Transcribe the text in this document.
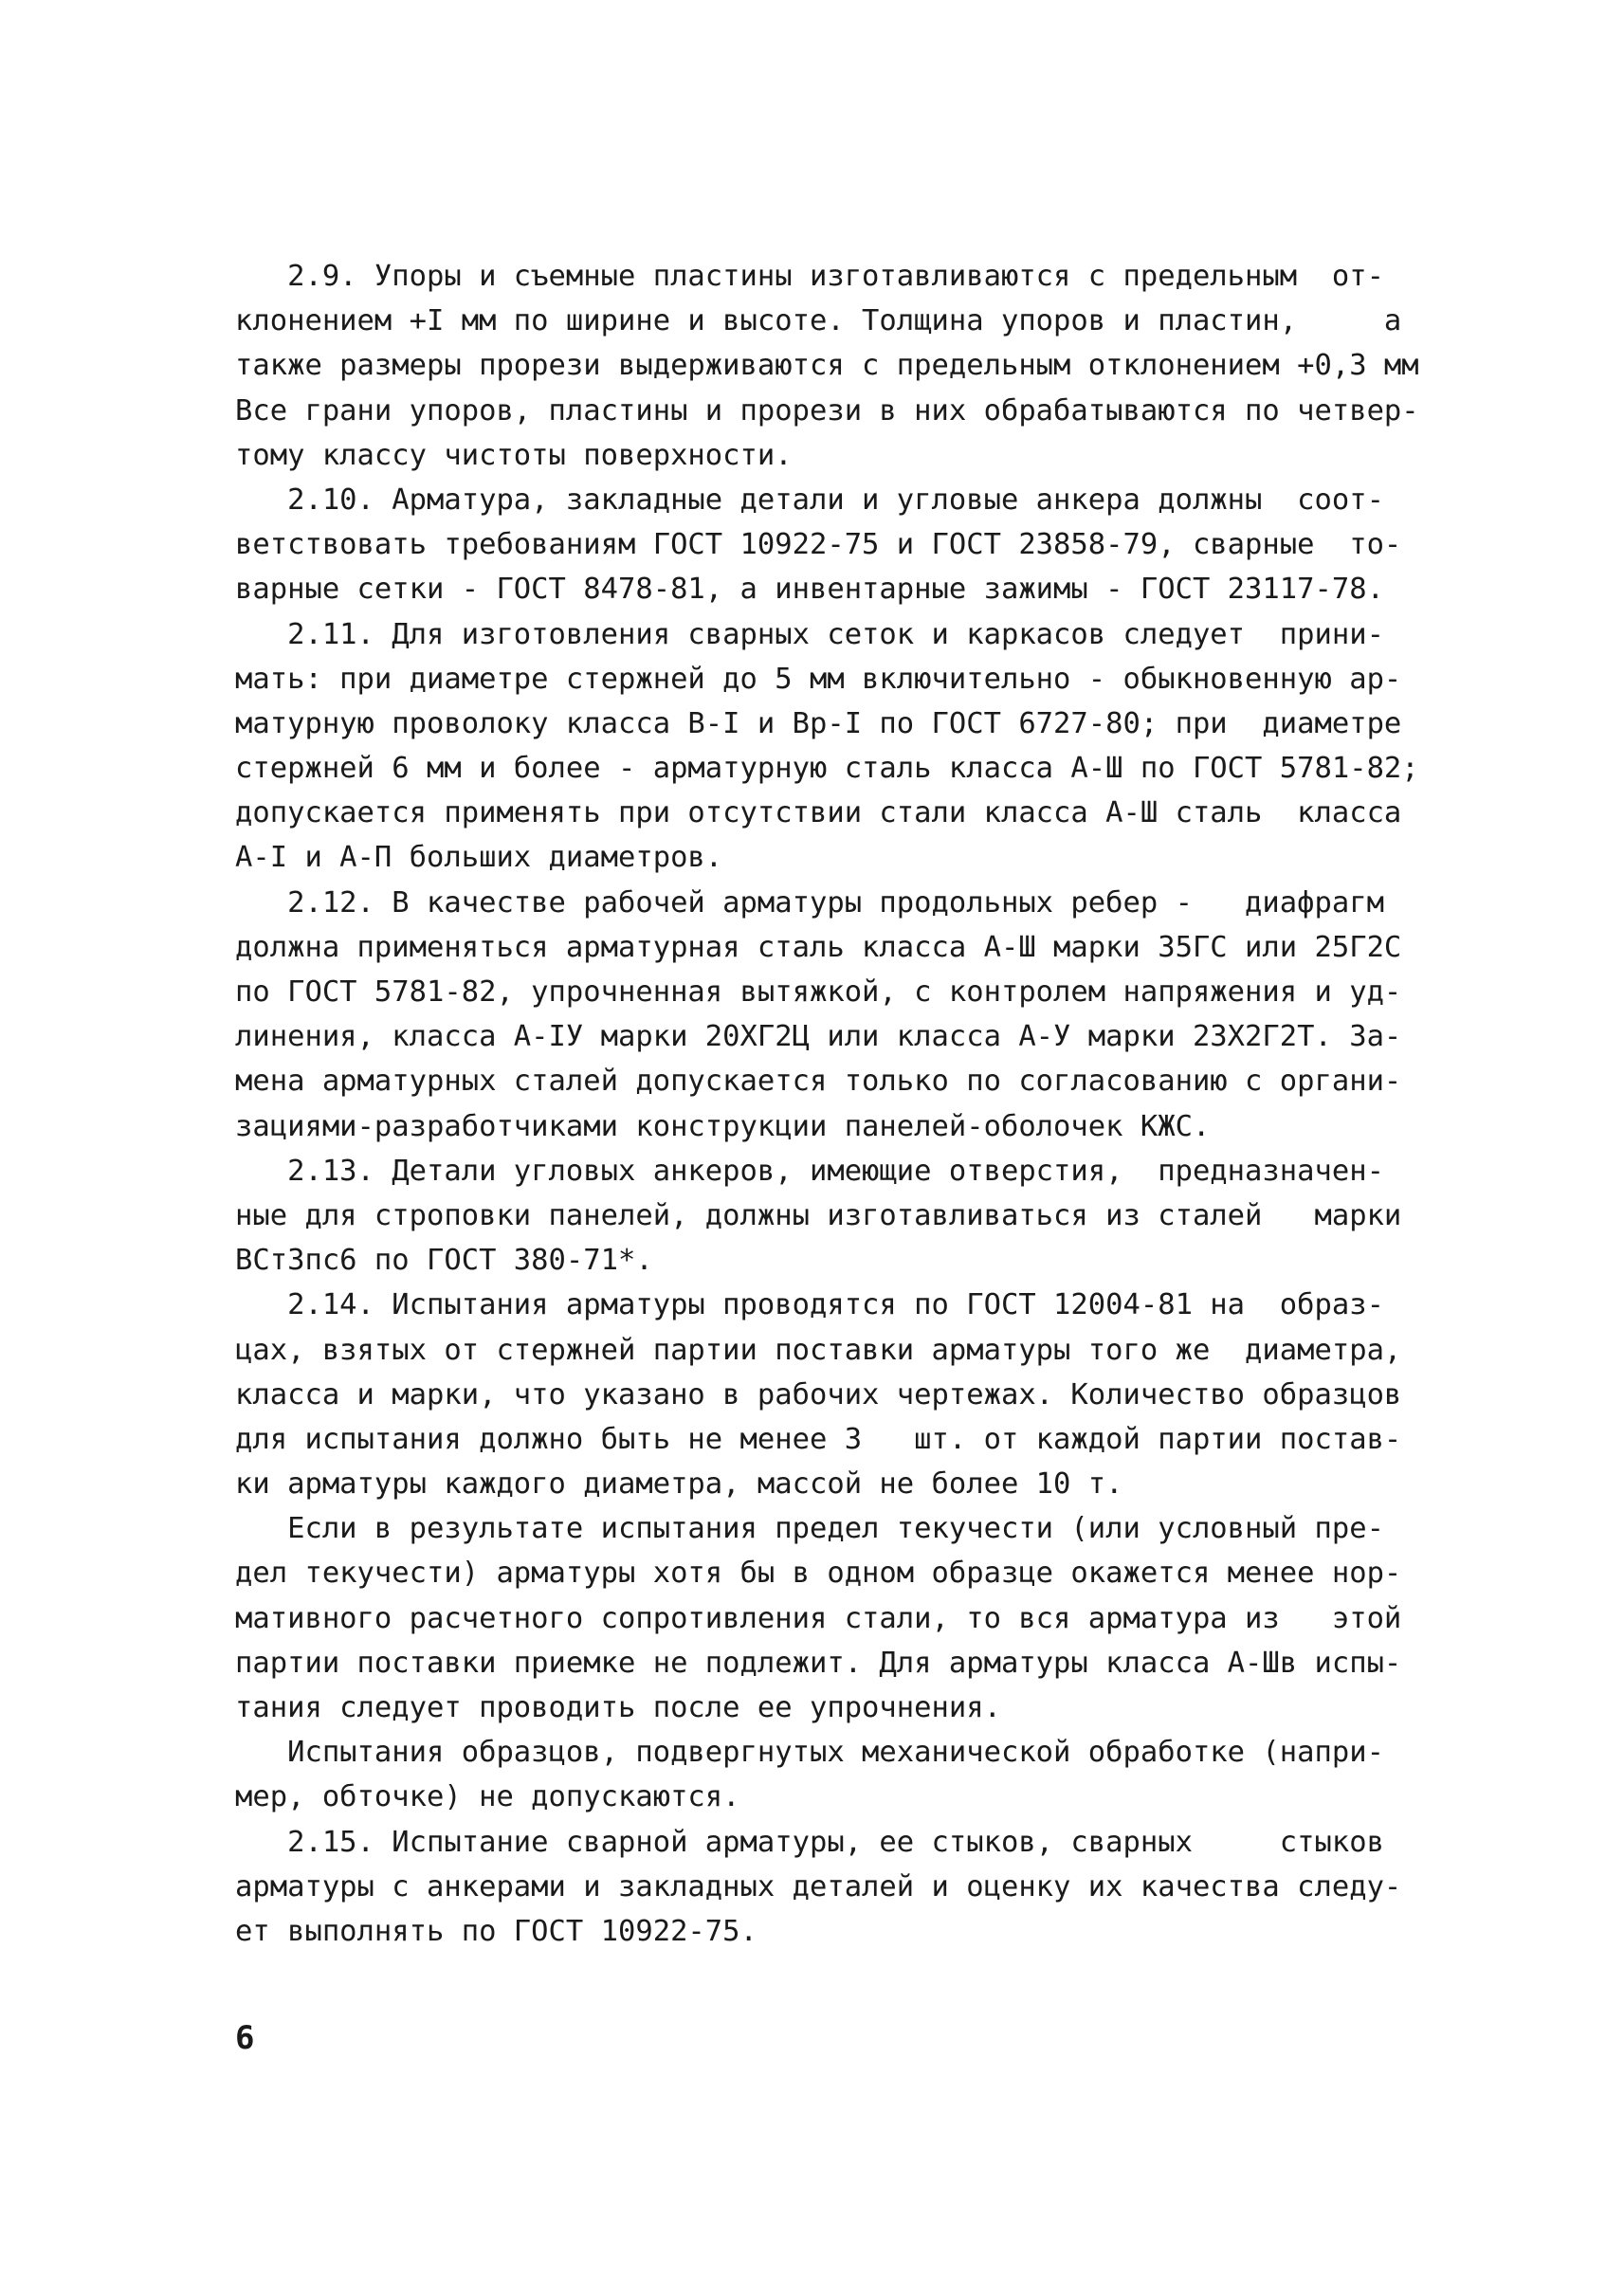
2.9. Упоры и съемные пластины изготавливаются с предельным  от-
клонением +I мм по ширине и высоте. Толщина упоров и пластин,     а
также размеры прорези выдерживаются с предельным отклонением +0,3 мм
Все грани упоров, пластины и прорези в них обрабатываются по четвер-
тому классу чистоты поверхности.
2.10. Арматура, закладные детали и угловые анкера должны  соот-
ветствовать требованиям ГОСТ 10922-75 и ГОСТ 23858-79, сварные  то-
варные сетки - ГОСТ 8478-81, а инвентарные зажимы - ГОСТ 23117-78.
2.11. Для изготовления сварных сеток и каркасов следует  прини-
мать: при диаметре стержней до 5 мм включительно - обыкновенную ар-
матурную проволоку класса В-I и Вр-I по ГОСТ 6727-80; при  диаметре
стержней 6 мм и более - арматурную сталь класса А-Ш по ГОСТ 5781-82;
допускается применять при отсутствии стали класса А-Ш сталь  класса
А-I и А-П больших диаметров.
2.12. В качестве рабочей арматуры продольных ребер -   диафрагм
должна применяться арматурная сталь класса А-Ш марки 35ГС или 25Г2С
по ГОСТ 5781-82, упрочненная вытяжкой, с контролем напряжения и уд-
линения, класса А-IУ марки 20ХГ2Ц или класса А-У марки 23Х2Г2Т. За-
мена арматурных сталей допускается только по согласованию с органи-
зациями-разработчиками конструкции панелей-оболочек КЖС.
2.13. Детали угловых анкеров, имеющие отверстия,  предназначен-
ные для строповки панелей, должны изготавливаться из сталей   марки
ВСт3пс6 по ГОСТ 380-71*.
2.14. Испытания арматуры проводятся по ГОСТ 12004-81 на  образ-
цах, взятых от стержней партии поставки арматуры того же  диаметра,
класса и марки, что указано в рабочих чертежах. Количество образцов
для испытания должно быть не менее 3   шт. от каждой партии постав-
ки арматуры каждого диаметра, массой не более 10 т.
Если в результате испытания предел текучести (или условный пре-
дел текучести) арматуры хотя бы в одном образце окажется менее нор-
мативного расчетного сопротивления стали, то вся арматура из   этой
партии поставки приемке не подлежит. Для арматуры класса А-Шв испы-
тания следует проводить после ее упрочнения.
Испытания образцов, подвергнутых механической обработке (напри-
мер, обточке) не допускаются.
2.15. Испытание сварной арматуры, ее стыков, сварных     стыков
арматуры с анкерами и закладных деталей и оценку их качества следу-
ет выполнять по ГОСТ 10922-75.
6
